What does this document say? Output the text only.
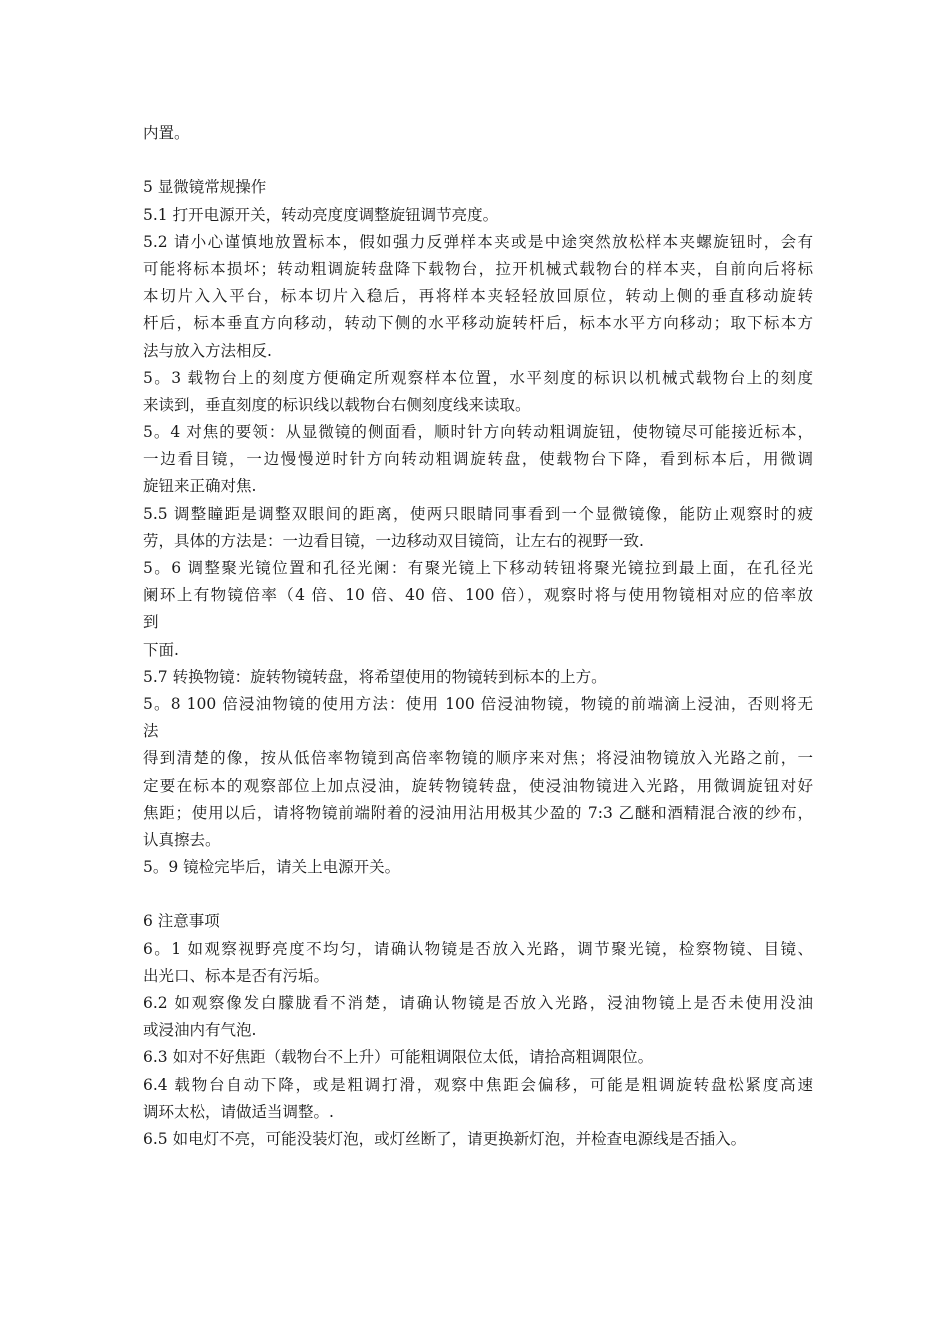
内置。
5 显微镜常规操作
5.1 打开电源开关，转动亮度度调整旋钮调节亮度。
5.2 请小心谨慎地放置标本，假如强力反弹样本夹或是中途突然放松样本夹螺旋钮时，会有
可能将标本损坏；转动粗调旋转盘降下载物台，拉开机械式载物台的样本夹，自前向后将标
本切片入入平台，标本切片入稳后，再将样本夹轻轻放回原位，转动上侧的垂直移动旋转
杆后，标本垂直方向移动，转动下侧的水平移动旋转杆后，标本水平方向移动；取下标本方
法与放入方法相反.
5。3 载物台上的刻度方便确定所观察样本位置，水平刻度的标识以机械式载物台上的刻度
来读到，垂直刻度的标识线以载物台右侧刻度线来读取。
5。4 对焦的要领：从显微镜的侧面看，顺时针方向转动粗调旋钮，使物镜尽可能接近标本，
一边看目镜，一边慢慢逆时针方向转动粗调旋转盘，使载物台下降，看到标本后，用微调
旋钮来正确对焦.
5.5 调整瞳距是调整双眼间的距离，使两只眼睛同事看到一个显微镜像，能防止观察时的疲
劳，具体的方法是：一边看目镜，一边移动双目镜筒，让左右的视野一致.
5。6 调整聚光镜位置和孔径光阑：有聚光镜上下移动转钮将聚光镜拉到最上面，在孔径光
阑环上有物镜倍率（4 倍、10 倍、40 倍、100 倍），观察时将与使用物镜相对应的倍率放
到
下面.
5.7 转换物镜：旋转物镜转盘，将希望使用的物镜转到标本的上方。
5。8 100 倍浸油物镜的使用方法：使用 100 倍浸油物镜，物镜的前端滴上浸油，否则将无
法
得到清楚的像，按从低倍率物镜到高倍率物镜的顺序来对焦；将浸油物镜放入光路之前，一
定要在标本的观察部位上加点浸油，旋转物镜转盘，使浸油物镜进入光路，用微调旋钮对好
焦距；使用以后，请将物镜前端附着的浸油用沾用极其少盈的 7:3 乙醚和酒精混合液的纱布，
认真擦去。
5。9 镜检完毕后，请关上电源开关。
6 注意事项
6。1 如观察视野亮度不均匀，请确认物镜是否放入光路，调节聚光镜，检察物镜、目镜、
出光口、标本是否有污垢。
6.2 如观察像发白朦胧看不消楚，请确认物镜是否放入光路，浸油物镜上是否未使用没油
或浸油内有气泡.
6.3 如对不好焦距（载物台不上升）可能粗调限位太低，请拾高粗调限位。
6.4 载物台自动下降，或是粗调打滑，观察中焦距会偏移，可能是粗调旋转盘松紧度高速
调环太松，请做适当调整。.
6.5 如电灯不亮，可能没装灯泡，或灯丝断了，请更换新灯泡，并检查电源线是否插入。
